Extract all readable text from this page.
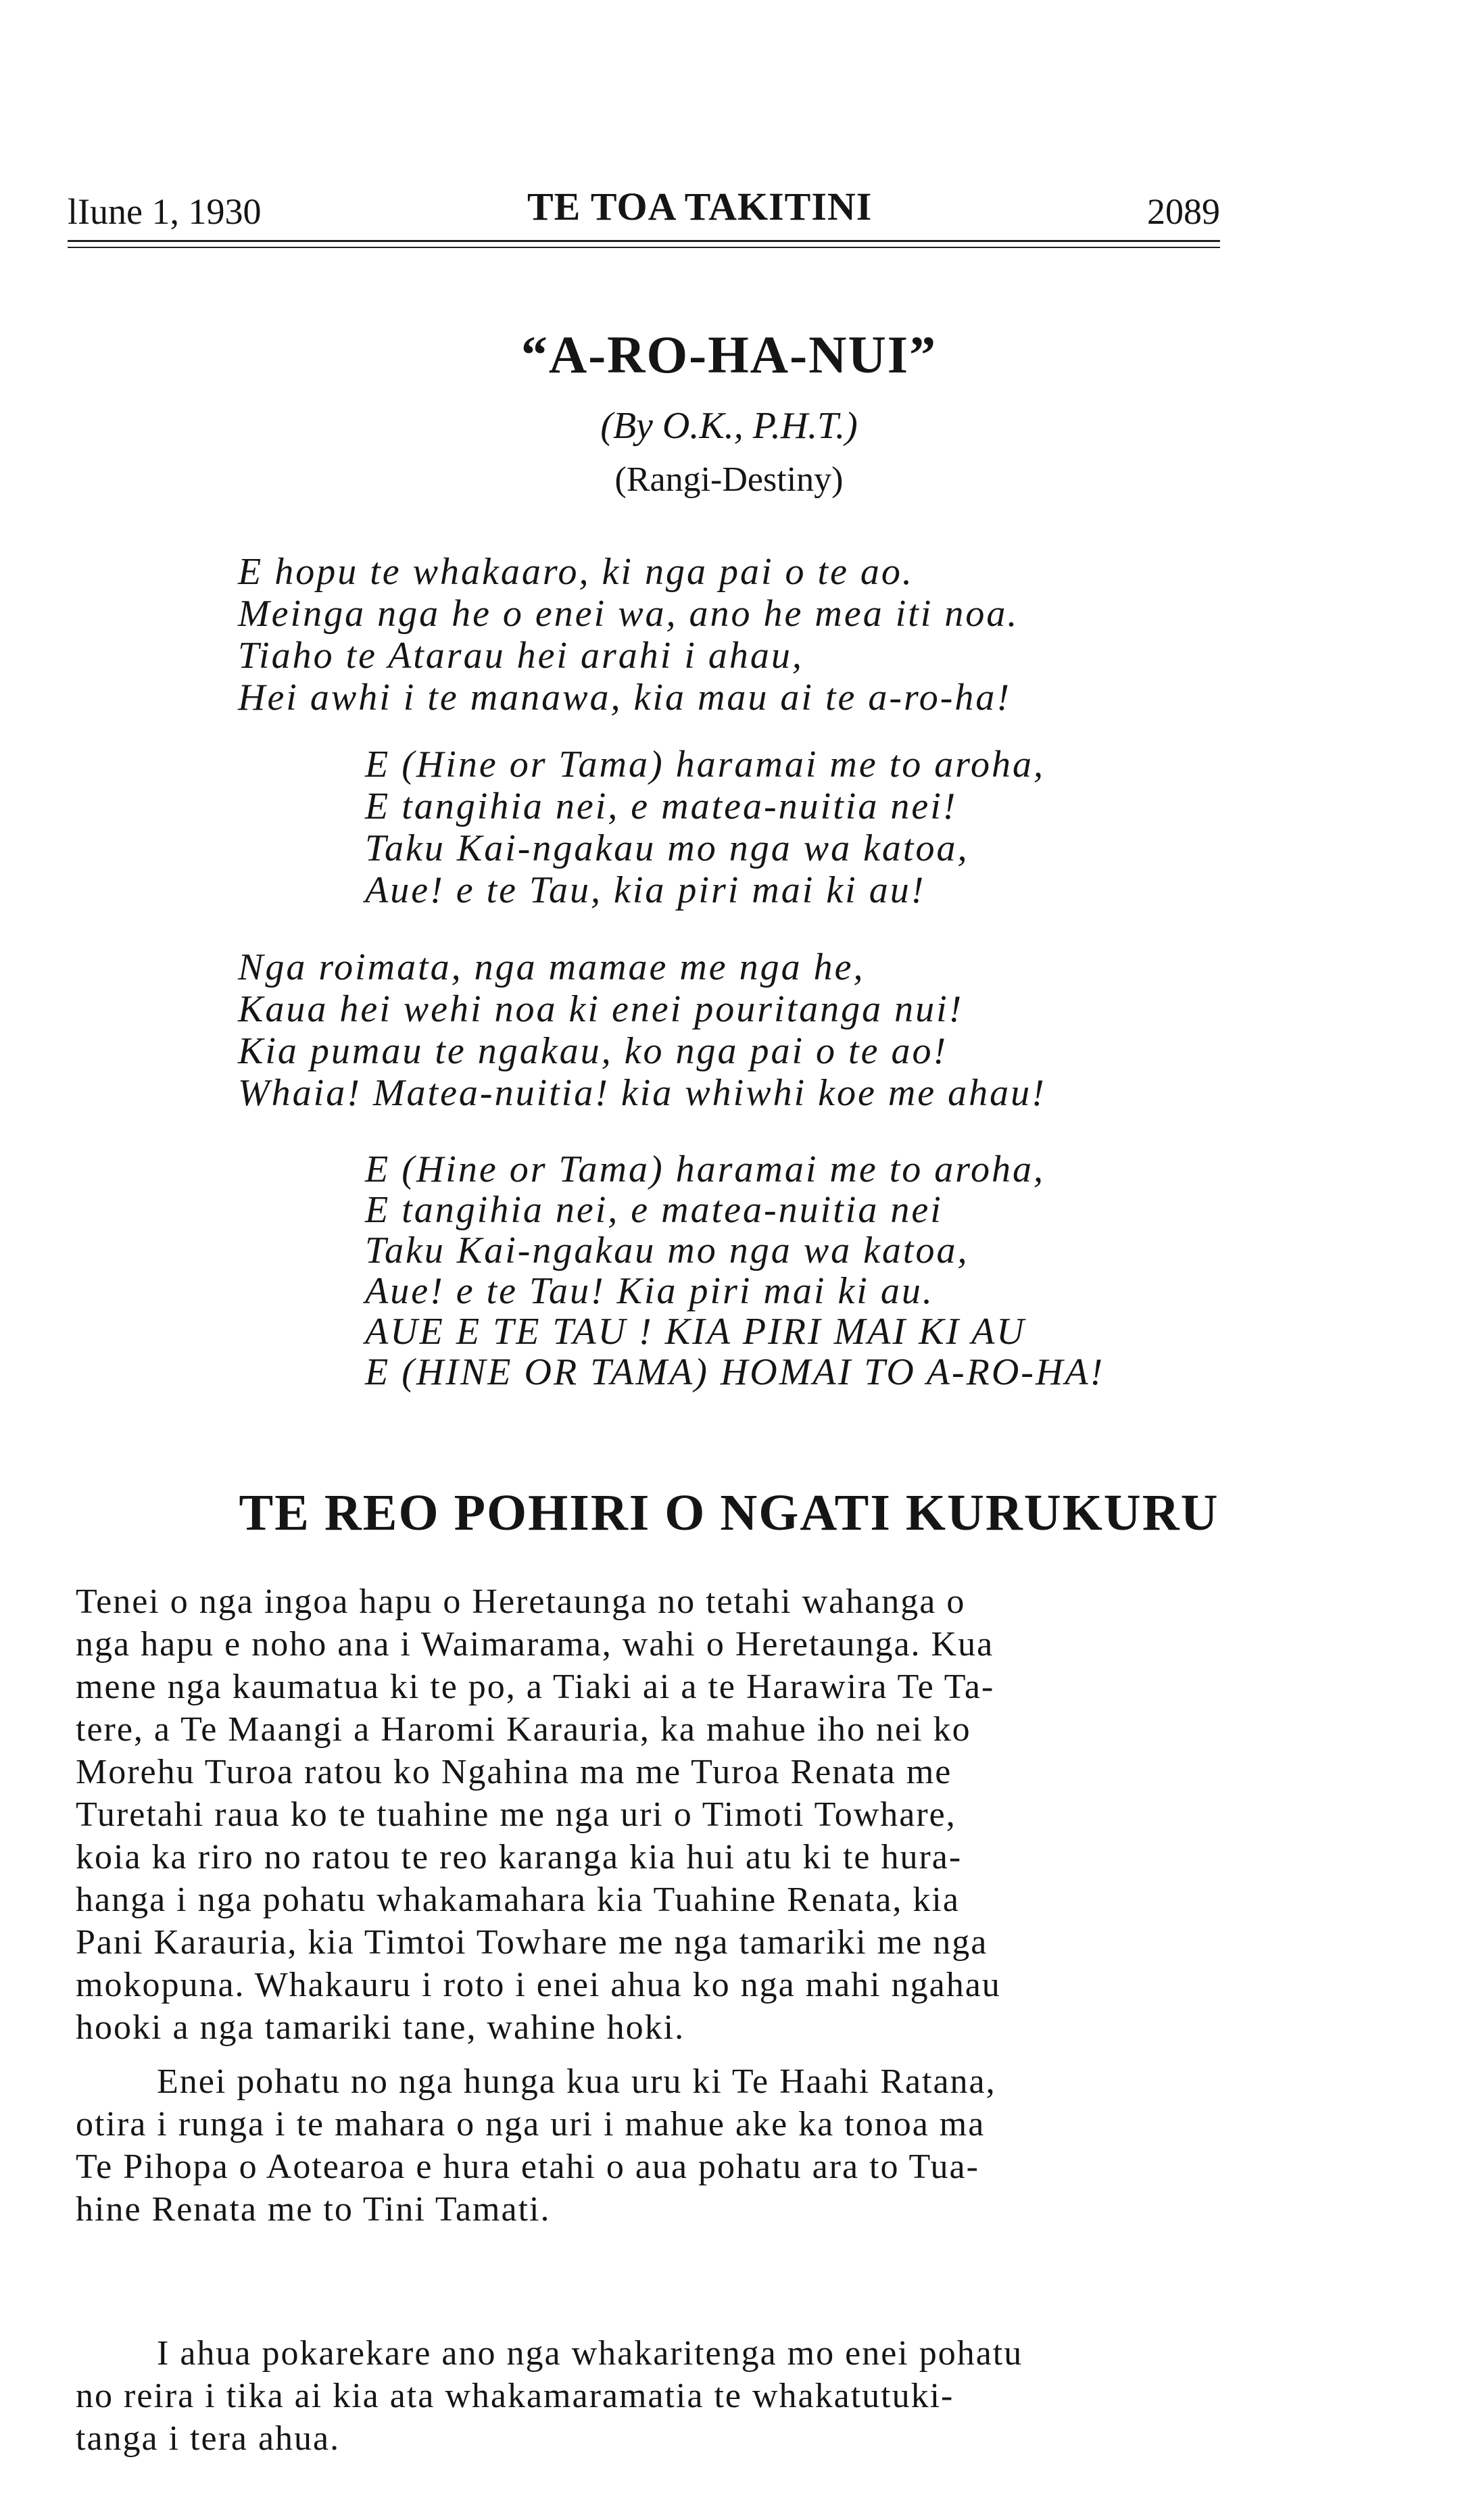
lIune 1, 1930	TE TOA TAKITINI	2089
“A-RO-HA-NUI”
(By O.K., P.H.T.)
(Rangi-Destiny)
E hopu te whakaaro, ki nga pai o te ao.
Meinga nga he o enei wa, ano he mea iti noa.
Tiaho te Atarau hei arahi i ahau,
Hei awhi i te manawa, kia mau ai te a-ro-ha!
E (Hine or Tama) haramai me to aroha,
E tangihia nei, e matea-nuitia nei!
Taku Kai-ngakau mo nga wa katoa,
Aue! e te Tau, kia piri mai ki au!
Nga roimata, nga mamae me nga he,
Kaua hei wehi noa ki enei pouritanga nui!
Kia pumau te ngakau, ko nga pai o te ao!
Whaia! Matea-nuitia! kia whiwhi koe me ahau!
E (Hine or Tama) haramai me to aroha,
E tangihia nei, e matea-nuitia nei
Taku Kai-ngakau mo nga wa katoa,
Aue! e te Tau! Kia piri mai ki au.
AUE E TE TAU ! KIA PIRI MAI KI AU
E (HINE OR TAMA) HOMAI TO A-RO-HA!
TE REO POHIRI O NGATI KURUKURU
Tenei o nga ingoa hapu o Heretaunga no tetahi wahanga o
nga hapu e noho ana i Waimarama, wahi o Heretaunga. Kua
mene nga kaumatua ki te po, a Tiaki ai a te Harawira Te Ta-
tere, a Te Maangi a Haromi Karauria, ka mahue iho nei ko
Morehu Turoa ratou ko Ngahina ma me Turoa Renata me
Turetahi raua ko te tuahine me nga uri o Timoti Towhare,
koia ka riro no ratou te reo karanga kia hui atu ki te hura-
hanga i nga pohatu whakamahara kia Tuahine Renata, kia
Pani Karauria, kia Timtoi Towhare me nga tamariki me nga
mokopuna. Whakauru i roto i enei ahua ko nga mahi ngahau
hooki a nga tamariki tane, wahine hoki.
Enei pohatu no nga hunga kua uru ki Te Haahi Ratana,
otira i runga i te mahara o nga uri i mahue ake ka tonoa ma
Te Pihopa o Aotearoa e hura etahi o aua pohatu ara to Tua-
hine Renata me to Tini Tamati.
I ahua pokarekare ano nga whakaritenga mo enei pohatu
no reira i tika ai kia ata whakamaramatia te whakatutuki-
tanga i tera ahua.
